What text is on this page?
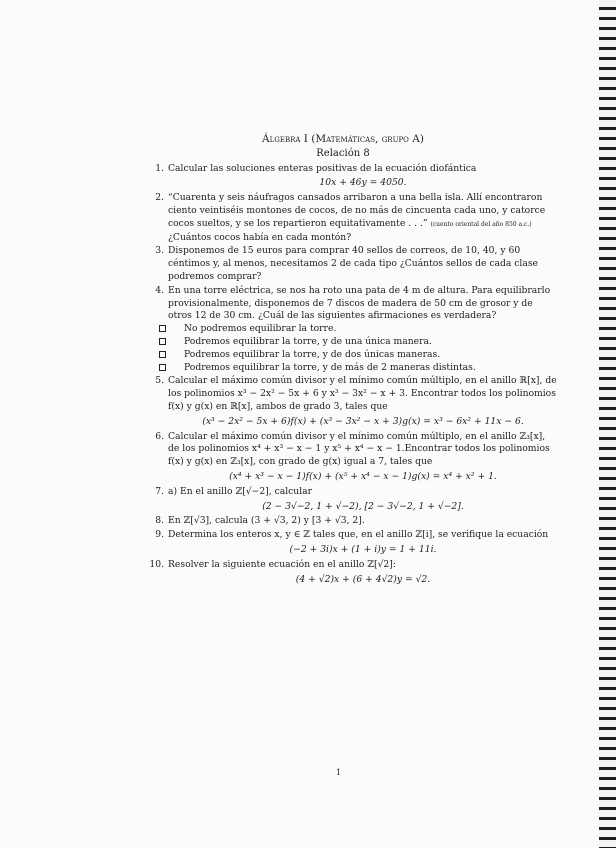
Álgebra I (Matemáticas, grupo A)
Relación 8
1. Calcular las soluciones enteras positivas de la ecuación diofántica
10x + 46y = 4050.
2. “Cuarenta y seis náufragos cansados arribaron a una bella isla. Allí encontraron ciento veintiséis montones de cocos, de no más de cincuenta cada uno, y catorce cocos sueltos, y se los repartieron equitativamente . . .” (cuento oriental del año 850 a.c.)
¿Cuántos cocos había en cada montón?
3. Disponemos de 15 euros para comprar 40 sellos de correos, de 10, 40, y 60 céntimos y, al menos, necesitamos 2 de cada tipo ¿Cuántos sellos de cada clase podremos comprar?
4. En una torre eléctrica, se nos ha roto una pata de 4 m de altura. Para equilibrarlo provisionalmente, disponemos de 7 discos de madera de 50 cm de grosor y de otros 12 de 30 cm. ¿Cuál de las siguientes afirmaciones es verdadera?
No podremos equilibrar la torre.
Podremos equilibrar la torre, y de una única manera.
Podremos equilibrar la torre, y de dos únicas maneras.
Podremos equilibrar la torre, y de más de 2 maneras distintas.
5. Calcular el máximo común divisor y el mínimo común múltiplo, en el anillo ℝ[x], de los polinomios x³ − 2x² − 5x + 6 y x³ − 3x² − x + 3. Encontrar todos los polinomios f(x) y g(x) en ℝ[x], ambos de grado 3, tales que
(x³ − 2x² − 5x + 6)f(x) + (x³ − 3x² − x + 3)g(x) = x³ − 6x² + 11x − 6.
6. Calcular el máximo común divisor y el mínimo común múltiplo, en el anillo ℤ₃[x], de los polinomios x⁴ + x³ − x − 1 y x⁵ + x⁴ − x − 1.Encontrar todos los polinomios f(x) y g(x) en ℤ₃[x], con grado de g(x) igual a 7, tales que
(x⁴ + x³ − x − 1)f(x) + (x⁵ + x⁴ − x − 1)g(x) = x⁴ + x² + 1.
7. a) En el anillo ℤ[√−2], calcular
(2 − 3√−2, 1 + √−2), [2 − 3√−2, 1 + √−2].
8. En ℤ[√3], calcula (3 + √3, 2) y [3 + √3, 2].
9. Determina los enteros x, y ∈ ℤ tales que, en el anillo ℤ[i], se verifique la ecuación
(−2 + 3i)x + (1 + i)y = 1 + 11i.
10. Resolver la siguiente ecuación en el anillo ℤ[√2]:
(4 + √2)x + (6 + 4√2)y = √2.
1
